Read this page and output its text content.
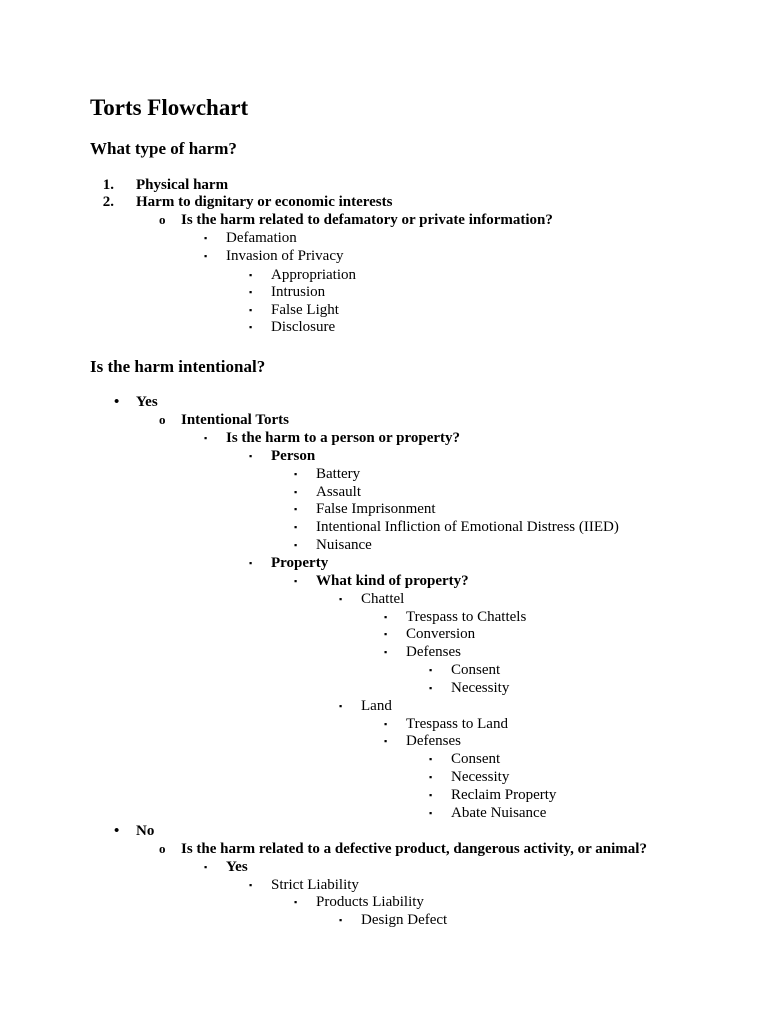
Torts Flowchart
What type of harm?
1. Physical harm
2. Harm to dignitary or economic interests
o Is the harm related to defamatory or private information?
▪ Defamation
▪ Invasion of Privacy
▪ Appropriation
▪ Intrusion
▪ False Light
▪ Disclosure
Is the harm intentional?
• Yes
o Intentional Torts
▪ Is the harm to a person or property?
▪ Person
▪ Battery
▪ Assault
▪ False Imprisonment
▪ Intentional Infliction of Emotional Distress (IIED)
▪ Nuisance
▪ Property
▪ What kind of property?
▪ Chattel
▪ Trespass to Chattels
▪ Conversion
▪ Defenses
▪ Consent
▪ Necessity
▪ Land
▪ Trespass to Land
▪ Defenses
▪ Consent
▪ Necessity
▪ Reclaim Property
▪ Abate Nuisance
• No
o Is the harm related to a defective product, dangerous activity, or animal?
▪ Yes
▪ Strict Liability
▪ Products Liability
▪ Design Defect
